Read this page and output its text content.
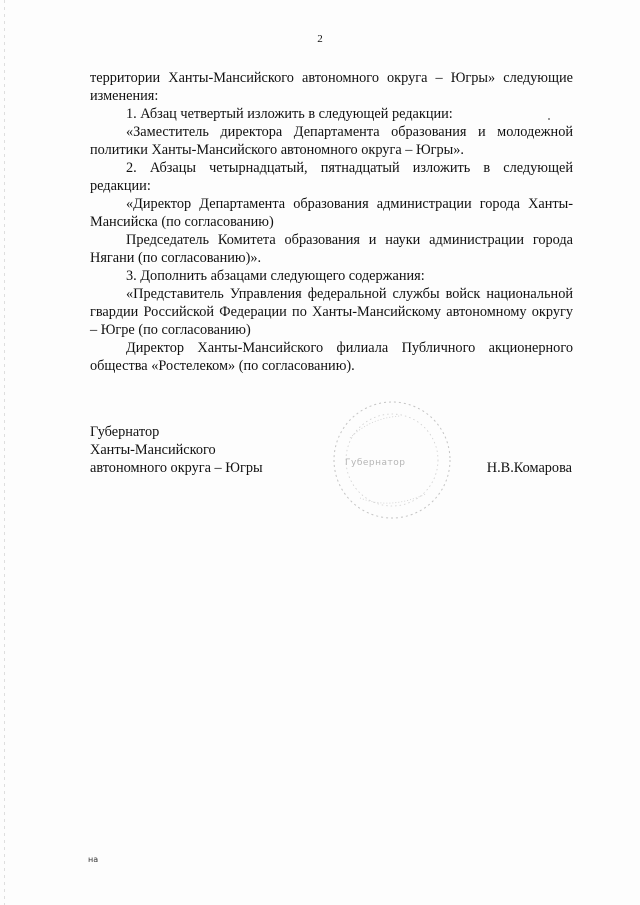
2

территории Ханты-Мансийского автономного округа – Югры» следующие изменения:

1. Абзац четвертый изложить в следующей редакции:

«Заместитель директора Департамента образования и молодежной политики Ханты-Мансийского автономного округа – Югры».

2. Абзацы четырнадцатый, пятнадцатый изложить в следующей редакции:

«Директор Департамента образования администрации города Ханты-Мансийска (по согласованию)

Председатель Комитета образования и науки администрации города Нягани (по согласованию)».

3. Дополнить абзацами следующего содержания:

«Представитель Управления федеральной службы войск национальной гвардии Российской Федерации по Ханты-Мансийскому автономному округу – Югре (по согласованию)

Директор Ханты-Мансийского филиала Публичного акционерного общества «Ростелеком» (по согласованию).

Губернатор
Ханты-Мансийского
автономного округа – Югры	Губернатор	Н.В.Комарова
на
